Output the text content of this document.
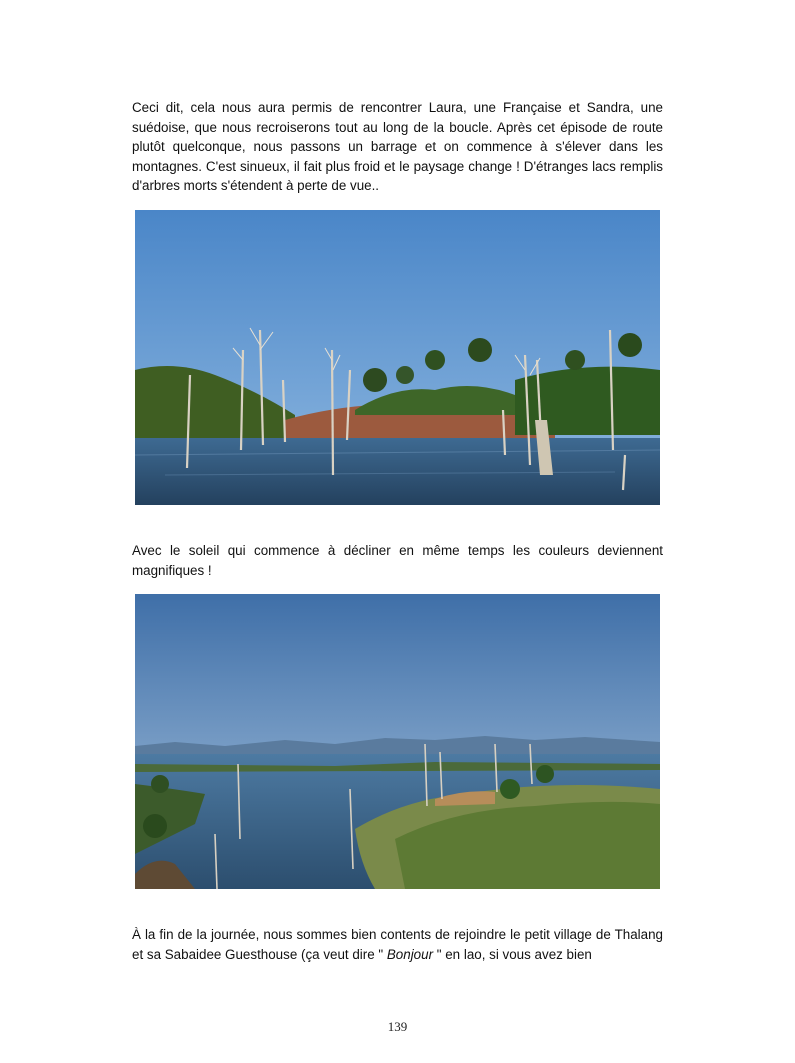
Ceci dit, cela nous aura permis de rencontrer Laura, une Française et Sandra, une suédoise, que nous recroiserons tout au long de la boucle. Après cet épisode de route plutôt quelconque, nous passons un barrage et on commence à s'élever dans les montagnes. C'est sinueux, il fait plus froid et le paysage change ! D'étranges lacs remplis d'arbres morts s'étendent à perte de vue..

Avec le soleil qui commence à décliner en même temps les couleurs deviennent magnifiques !

À la fin de la journée, nous sommes bien contents de rejoindre le petit village de Thalang et sa Sabaidee Guesthouse (ça veut dire " Bonjour " en lao, si vous avez bien

139
